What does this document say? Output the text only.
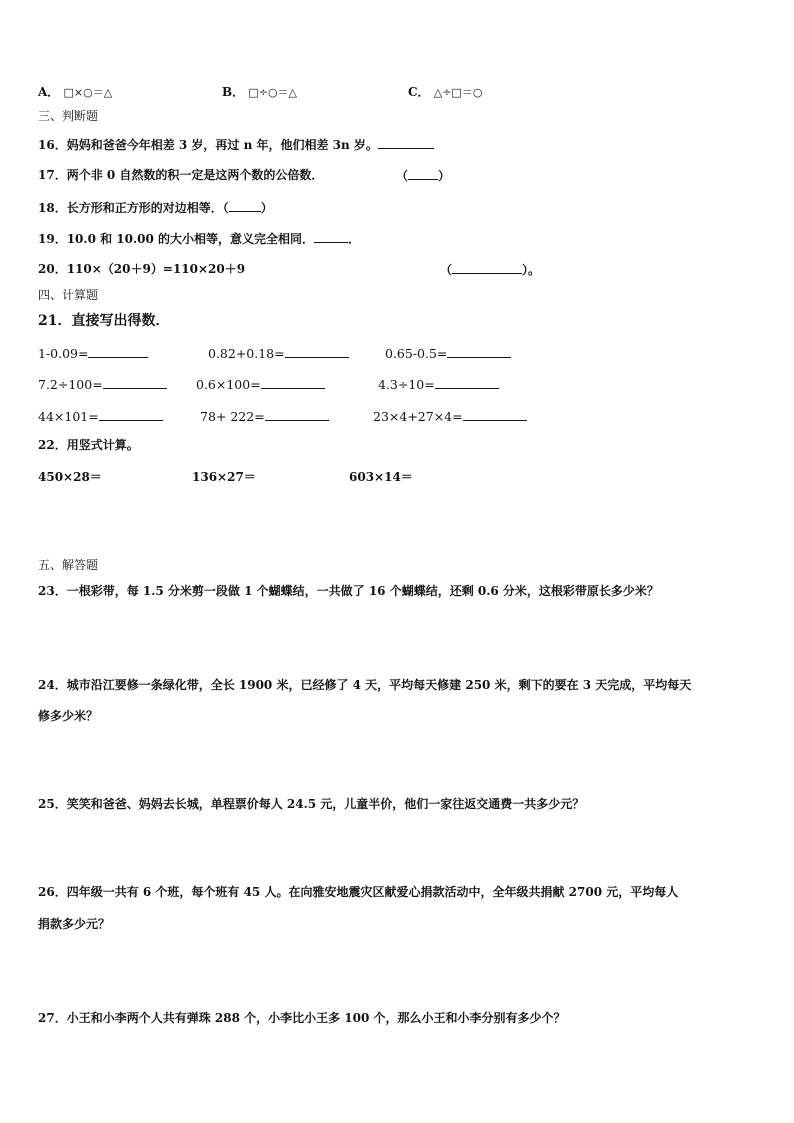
A． □×○＝△	B． □÷○＝△	C． △÷□＝○
三、判断题
16．妈妈和爸爸今年相差 3 岁，再过 n 年，他们相差 3n 岁。
17．两个非 0 自然数的积一定是这两个数的公倍数．	（	）
18．长方形和正方形的对边相等．（	）
19．10.0 和 10.00 的大小相等，意义完全相同．	．
20．110×（20＋9）=110×20＋9	（	）。
四、计算题
21．直接写出得数．
1-0.09=	0.82+0.18=	0.65-0.5=
7.2÷100=	0.6×100=	4.3÷10=
44×101=	78+ 222=	23×4+27×4=
22．用竖式计算。
450×28＝	136×27＝	603×14＝
五、解答题
23．一根彩带，每 1.5 分米剪一段做 1 个蝴蝶结，一共做了 16 个蝴蝶结，还剩 0.6 分米，这根彩带原长多少米？
24．城市沿江要修一条绿化带，全长 1900 米，已经修了 4 天，平均每天修建 250 米，剩下的要在 3 天完成，平均每天
修多少米？
25．笑笑和爸爸、妈妈去长城，单程票价每人 24.5 元，儿童半价，他们一家往返交通费一共多少元？
26．四年级一共有 6 个班，每个班有 45 人。在向雅安地震灾区献爱心捐款活动中，全年级共捐献 2700 元，平均每人
捐款多少元？
27．小王和小李两个人共有弹珠 288 个，小李比小王多 100 个，那么小王和小李分别有多少个？
